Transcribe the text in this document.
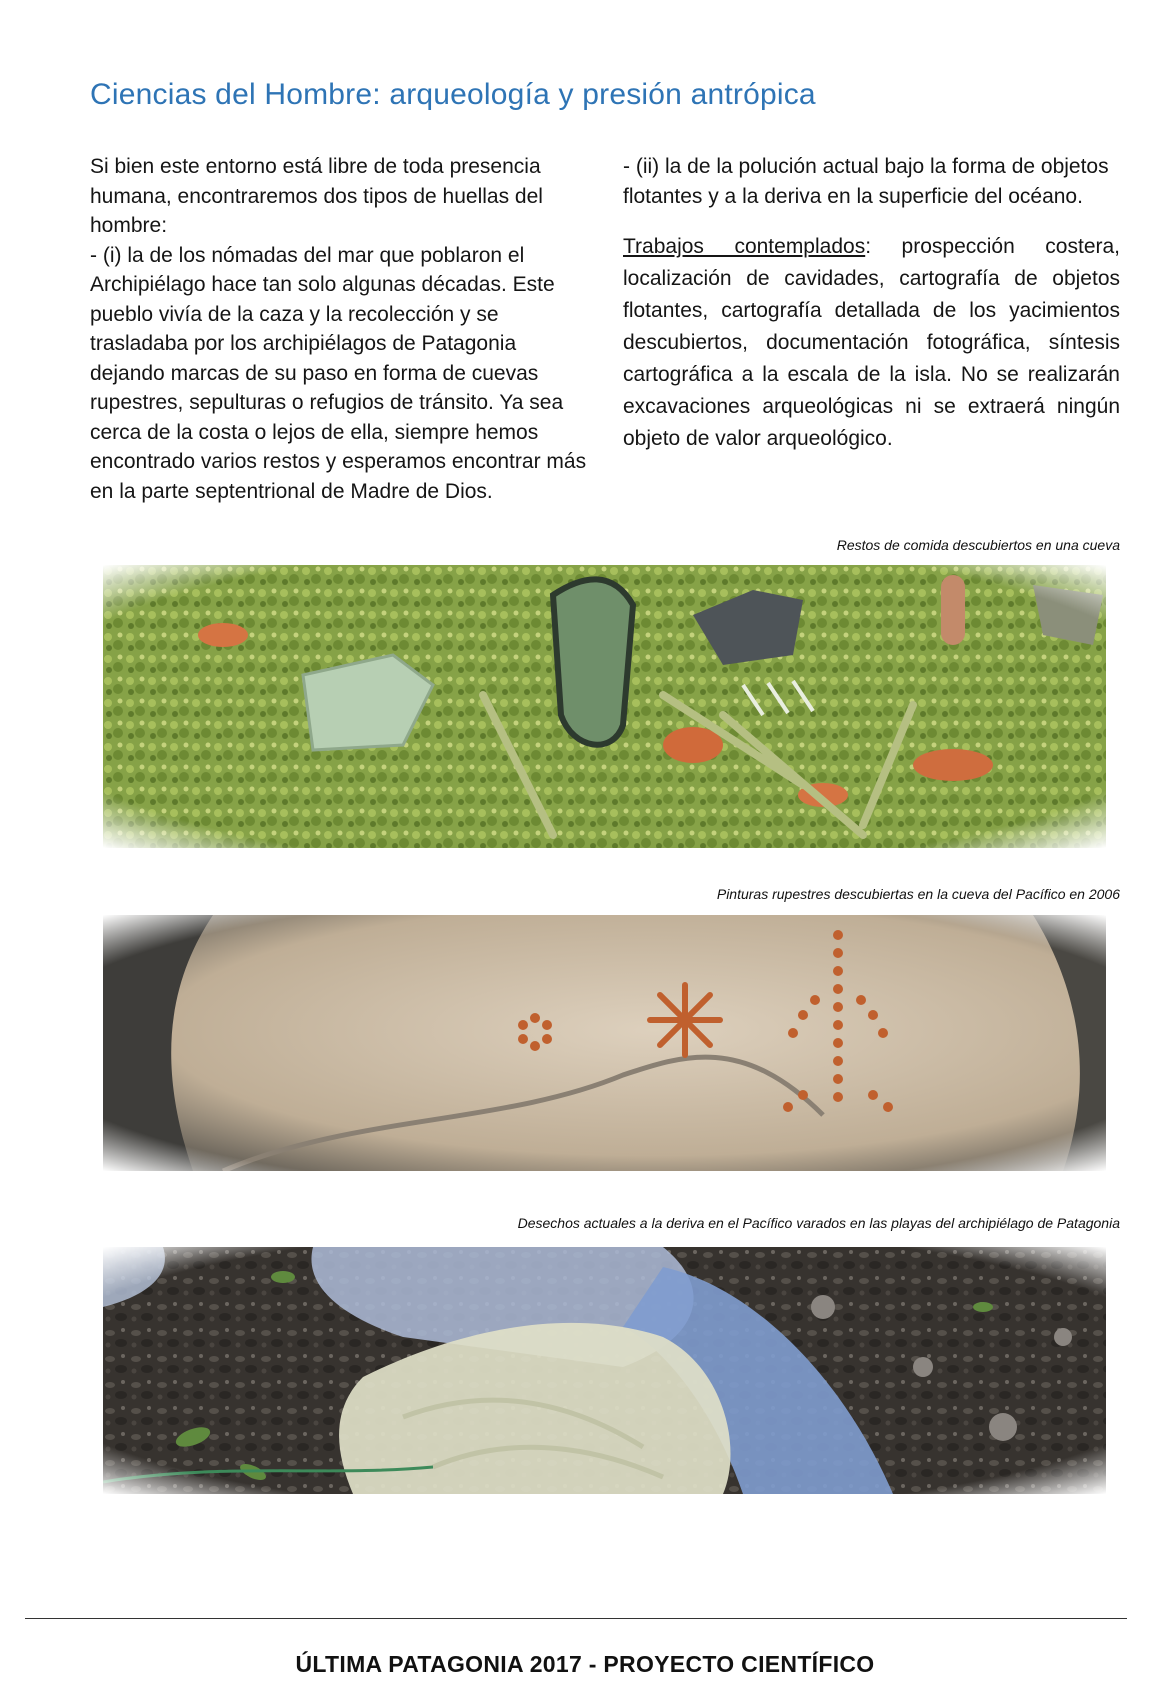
Ciencias del Hombre: arqueología y presión antrópica

Si bien este entorno está libre de toda presencia humana, encontraremos dos tipos de huellas del hombre:

- (i) la de los nómadas del mar que poblaron el Archipiélago hace tan solo algunas décadas. Este pueblo vivía de la caza y la recolección y se trasladaba por los archipiélagos de Patagonia dejando marcas de su paso en forma de cuevas rupestres, sepulturas o refugios de tránsito. Ya sea cerca de la costa o lejos de ella, siempre hemos encontrado varios restos y esperamos encontrar más en la parte septentrional de Madre de Dios.

- (ii) la de la polución actual bajo la forma de objetos flotantes y a la deriva en la superficie del océano.

Trabajos contemplados: prospección costera, localización de cavidades, cartografía de objetos flotantes, cartografía detallada de los yacimientos descubiertos, documentación fotográfica, síntesis cartográfica a la escala de la isla. No se realizarán excavaciones arqueológicas ni se extraerá ningún objeto de valor arqueológico.

Restos de comida descubiertos en una cueva
Pinturas rupestres descubiertas en la cueva del Pacífico en 2006
Desechos actuales a la deriva en el Pacífico varados en las playas del archipiélago de Patagonia
ÚLTIMA PATAGONIA 2017 - PROYECTO CIENTÍFICO
